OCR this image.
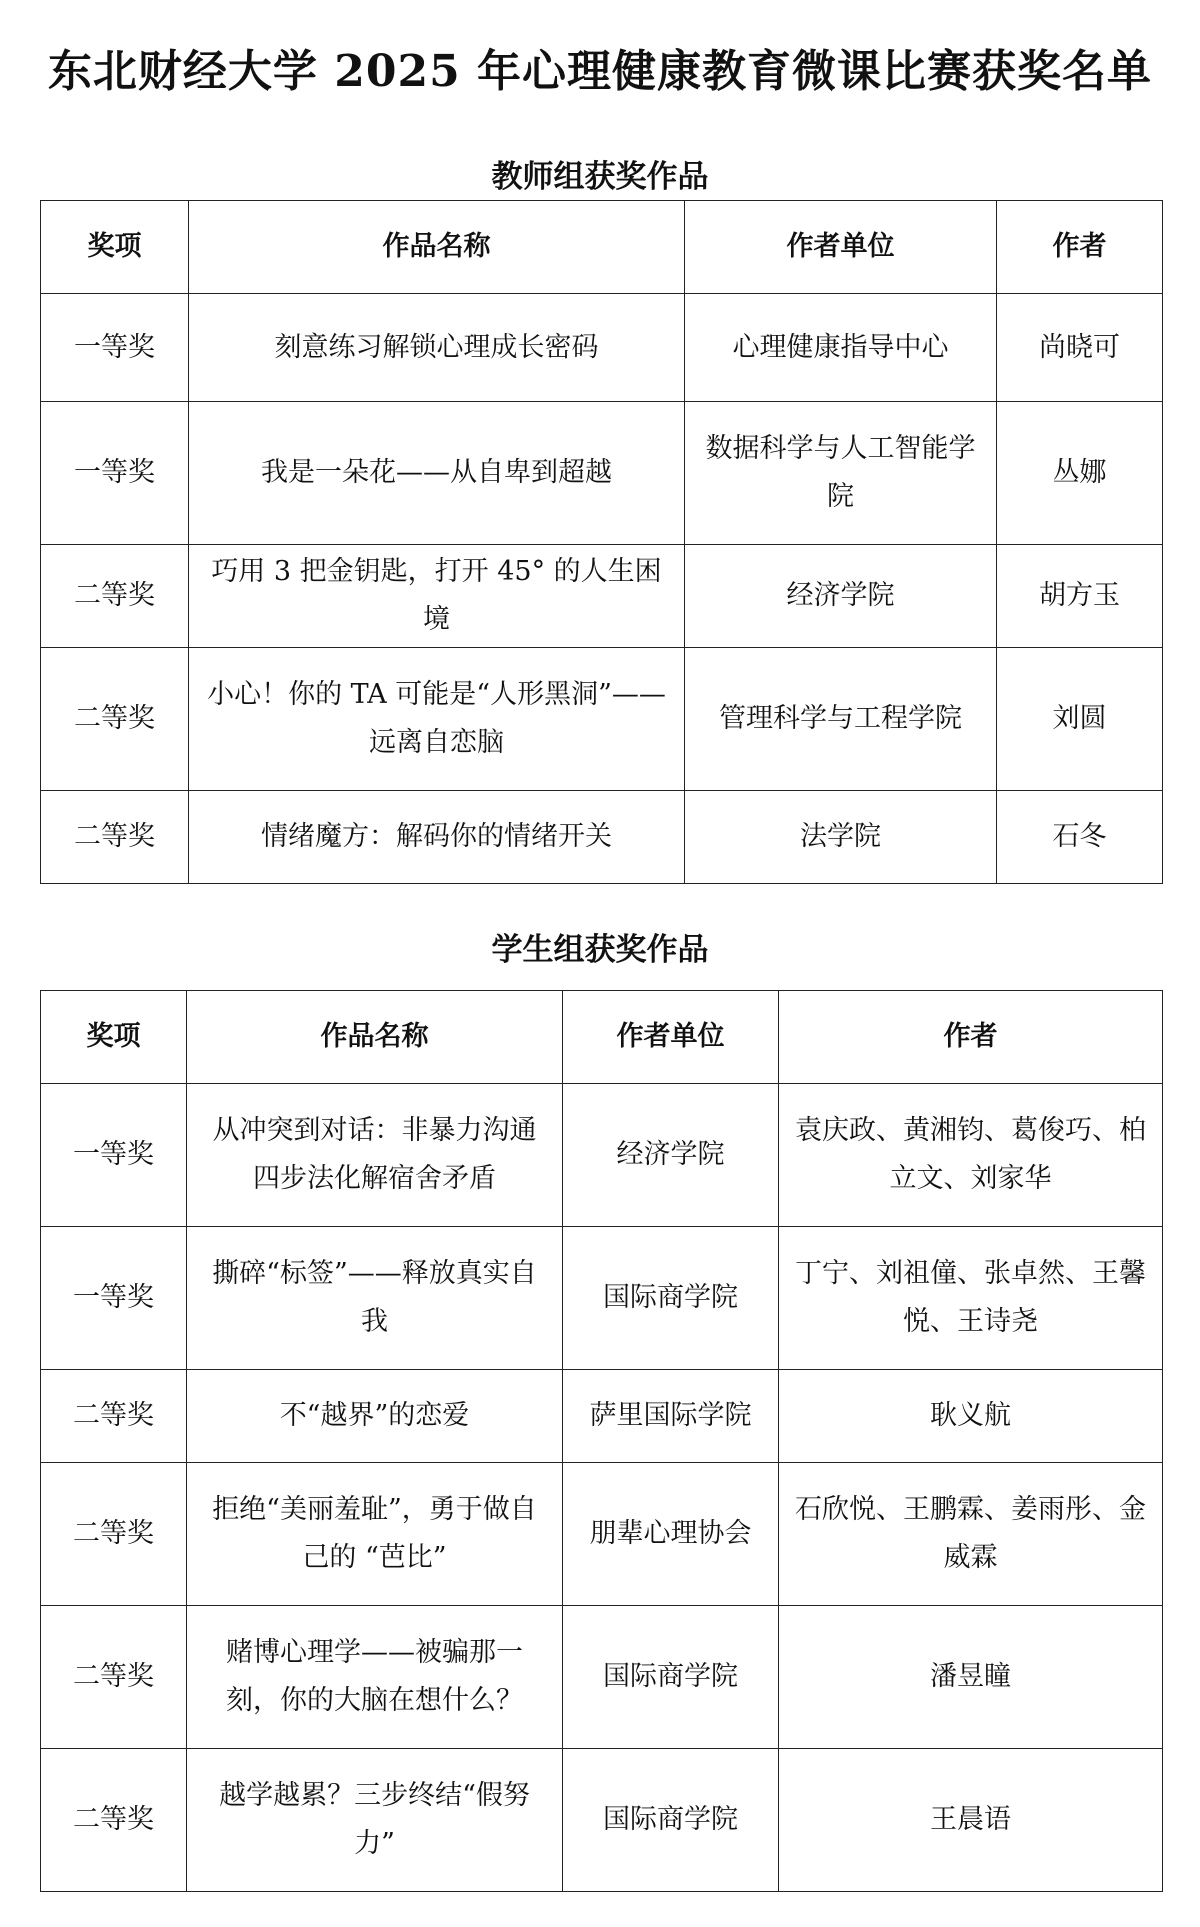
东北财经大学 2025 年心理健康教育微课比赛获奖名单
教师组获奖作品
奖项	作品名称	作者单位	作者
一等奖	刻意练习解锁心理成长密码	心理健康指导中心	尚晓可
一等奖	我是一朵花——从自卑到超越	数据科学与人工智能学院	丛娜
二等奖	巧用 3 把金钥匙，打开 45° 的人生困境	经济学院	胡方玉
二等奖	小心！你的 TA 可能是“人形黑洞”——远离自恋脑	管理科学与工程学院	刘圆
二等奖	情绪魔方：解码你的情绪开关	法学院	石冬
学生组获奖作品
奖项	作品名称	作者单位	作者
一等奖	从冲突到对话：非暴力沟通四步法化解宿舍矛盾	经济学院	袁庆政、黄湘钧、葛俊巧、柏立文、刘家华
一等奖	撕碎“标签”——释放真实自我	国际商学院	丁宁、刘祖僮、张卓然、王馨悦、王诗尧
二等奖	不“越界”的恋爱	萨里国际学院	耿义航
二等奖	拒绝“美丽羞耻”，勇于做自己的 “芭比”	朋辈心理协会	石欣悦、王鹏霖、姜雨彤、金威霖
二等奖	赌博心理学——被骗那一刻，你的大脑在想什么？	国际商学院	潘昱瞳
二等奖	越学越累？三步终结“假努力”	国际商学院	王晨语
